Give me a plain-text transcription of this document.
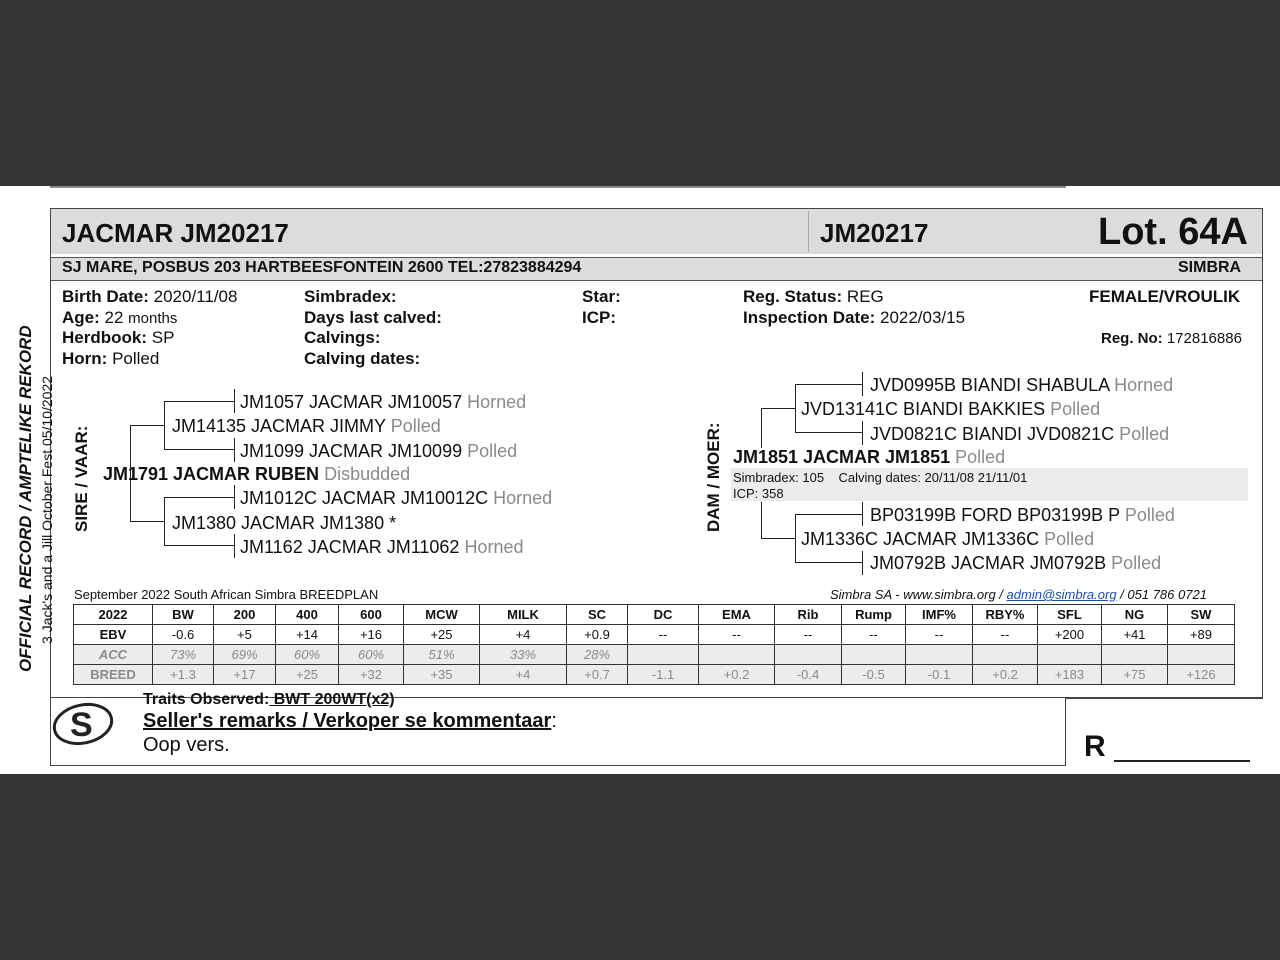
JACMAR JM20217	JM20217	Lot. 64A
SJ MARE, POSBUS 203 HARTBEESFONTEIN 2600 TEL:27823884294	SIMBRA
Birth Date: 2020/11/08
Age: 22 months
Herdbook: SP
Horn: Polled
Simbradex:
Days last calved:
Calvings:
Calving dates:
Star:
ICP:
Reg. Status: REG
Inspection Date: 2022/03/15
FEMALE/VROULIK
Reg. No: 172816886
OFFICIAL RECORD / AMPTELIKE REKORD 3 Jack's and a Jill October Fest 05/10/2022 SIRE / VAAR:
JM1057 JACMAR JM10057 Horned
JM14135 JACMAR JIMMY Polled
JM1099 JACMAR JM10099 Polled
JM1791 JACMAR RUBEN Disbudded
JM1012C JACMAR JM10012C Horned
JM1380 JACMAR JM1380 *
JM1162 JACMAR JM11062 Horned
DAM / MOER:
JVD0995B BIANDI SHABULA Horned
JVD13141C BIANDI BAKKIES Polled
JVD0821C BIANDI JVD0821C Polled
JM1851 JACMAR JM1851 Polled
Simbradex: 105 Calving dates: 20/11/08 21/11/01
ICP: 358
BP03199B FORD BP03199B P Polled
JM1336C JACMAR JM1336C Polled
JM0792B JACMAR JM0792B Polled
September 2022 South African Simbra BREEDPLAN	Simbra SA - www.simbra.org / admin@simbra.org / 051 786 0721
2022	BW	200	400	600	MCW	MILK	SC	DC	EMA	Rib	Rump	IMF%	RBY%	SFL	NG	SW
EBV	-0.6	+5	+14	+16	+25	+4	+0.9	--	--	--	--	--	--	+200	+41	+89
ACC	73%	69%	60%	60%	51%	33%	28%									
BREED	+1.3	+17	+25	+32	+35	+4	+0.7	-1.1	+0.2	-0.4	-0.5	-0.1	+0.2	+183	+75	+126
S
Traits Observed: BWT 200WT(x2)
Seller's remarks / Verkoper se kommentaar:
Oop vers.	R
